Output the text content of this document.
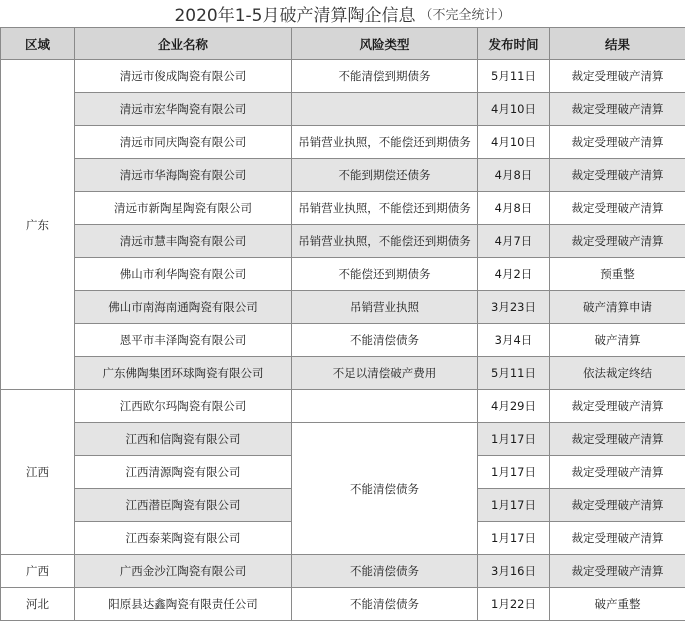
2020年1-5月破产清算陶企信息 （不完全统计）
区域	企业名称	风险类型	发布时间	结果
广东	清远市俊成陶瓷有限公司	不能清偿到期债务	5月11日	裁定受理破产清算
	清远市宏华陶瓷有限公司		4月10日	裁定受理破产清算
	清远市同庆陶瓷有限公司	吊销营业执照，不能偿还到期债务	4月10日	裁定受理破产清算
	清远市华海陶瓷有限公司	不能到期偿还债务	4月8日	裁定受理破产清算
	清远市新陶星陶瓷有限公司	吊销营业执照，不能偿还到期债务	4月8日	裁定受理破产清算
	清远市慧丰陶瓷有限公司	吊销营业执照，不能偿还到期债务	4月7日	裁定受理破产清算
	佛山市利华陶瓷有限公司	不能偿还到期债务	4月2日	预重整
	佛山市南海南通陶瓷有限公司	吊销营业执照	3月23日	破产清算申请
	恩平市丰泽陶瓷有限公司	不能清偿债务	3月4日	破产清算
	广东佛陶集团环球陶瓷有限公司	不足以清偿破产费用	5月11日	依法裁定终结
江西	江西欧尔玛陶瓷有限公司		4月29日	裁定受理破产清算
	江西和信陶瓷有限公司	不能清偿债务	1月17日	裁定受理破产清算
	江西清源陶瓷有限公司		1月17日	裁定受理破产清算
	江西潜臣陶瓷有限公司		1月17日	裁定受理破产清算
	江西泰莱陶瓷有限公司		1月17日	裁定受理破产清算
广西	广西金沙江陶瓷有限公司	不能清偿债务	3月16日	裁定受理破产清算
河北	阳原县达鑫陶瓷有限责任公司	不能清偿债务	1月22日	破产重整
